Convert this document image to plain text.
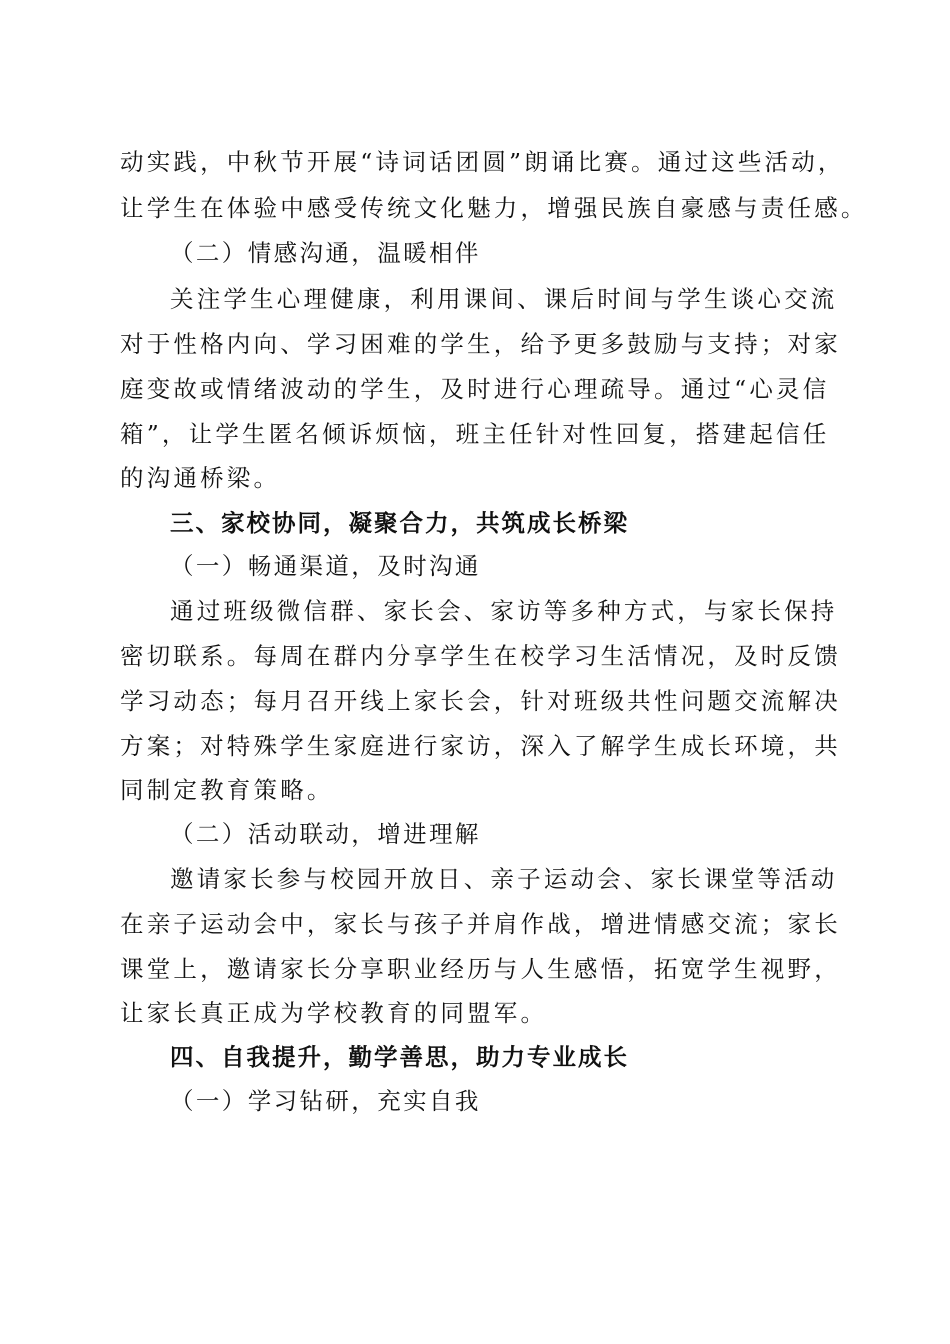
动实践，中秋节开展“诗词话团圆”朗诵比赛。通过这些活动，
让学生在体验中感受传统文化魅力，增强民族自豪感与责任感。
（二）情感沟通，温暖相伴
关注学生心理健康，利用课间、课后时间与学生谈心交流
对于性格内向、学习困难的学生，给予更多鼓励与支持；对家
庭变故或情绪波动的学生，及时进行心理疏导。通过“心灵信
箱”，让学生匿名倾诉烦恼，班主任针对性回复，搭建起信任
的沟通桥梁。
三、家校协同，凝聚合力，共筑成长桥梁
（一）畅通渠道，及时沟通
通过班级微信群、家长会、家访等多种方式，与家长保持
密切联系。每周在群内分享学生在校学习生活情况，及时反馈
学习动态；每月召开线上家长会，针对班级共性问题交流解决
方案；对特殊学生家庭进行家访，深入了解学生成长环境，共
同制定教育策略。
（二）活动联动，增进理解
邀请家长参与校园开放日、亲子运动会、家长课堂等活动
在亲子运动会中，家长与孩子并肩作战，增进情感交流；家长
课堂上，邀请家长分享职业经历与人生感悟，拓宽学生视野，
让家长真正成为学校教育的同盟军。
四、自我提升，勤学善思，助力专业成长
（一）学习钻研，充实自我
